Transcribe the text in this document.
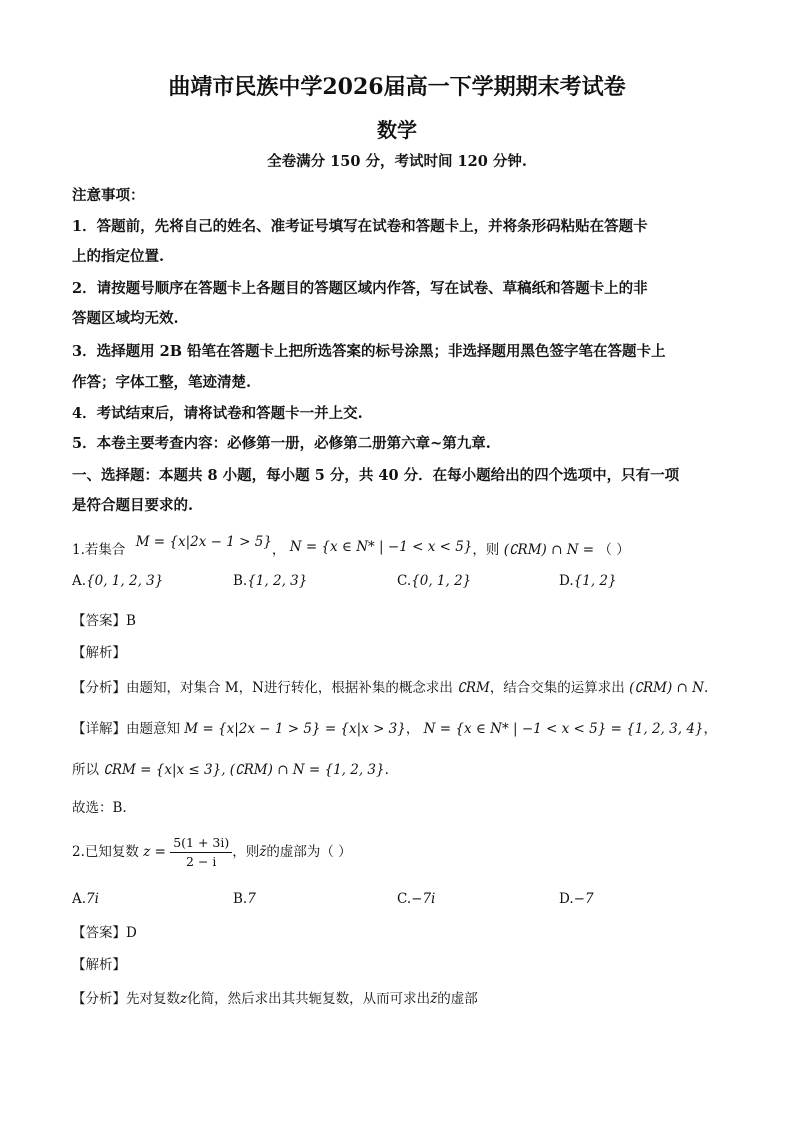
曲靖市民族中学2026届高一下学期期末考试卷
数学
全卷满分 150 分，考试时间 120 分钟.
注意事项：
1．答题前，先将自己的姓名、准考证号填写在试卷和答题卡上，并将条形码粘贴在答题卡
上的指定位置.
2．请按题号顺序在答题卡上各题目的答题区域内作答，写在试卷、草稿纸和答题卡上的非
答题区域均无效.
3．选择题用 2B 铅笔在答题卡上把所选答案的标号涂黑；非选择题用黑色签字笔在答题卡上
作答；字体工整，笔迹清楚.
4．考试结束后，请将试卷和答题卡一并上交.
5．本卷主要考查内容：必修第一册，必修第二册第六章~第九章.
一、选择题：本题共 8 小题，每小题 5 分，共 40 分．在每小题给出的四个选项中，只有一项
是符合题目要求的.
1.若集合 M = {x|2x − 1 > 5}， N = {x ∈ N* | −1 < x < 5}，则 (∁RM) ∩ N = （ ）
A.{0, 1, 2, 3}	B.{1, 2, 3}	C.{0, 1, 2}	D.{1, 2}
【答案】B
【解析】
【分析】由题知，对集合 M，N进行转化，根据补集的概念求出 ∁RM，结合交集的运算求出 (∁RM) ∩ N.
【详解】由题意知 M = {x|2x − 1 > 5} = {x|x > 3}， N = {x ∈ N* | −1 < x < 5} = {1, 2, 3, 4}，
所以 ∁RM = {x|x ≤ 3}, (∁RM) ∩ N = {1, 2, 3}.
故选：B.
2.已知复数 $z = \frac{5(1 + 3i)}{2 - i}$ ，则z̄的虚部为（ ）
A.7i	B.7	C.−7i	D.−7
【答案】D
【解析】
【分析】先对复数z化简，然后求出其共轭复数，从而可求出z̄的虚部
